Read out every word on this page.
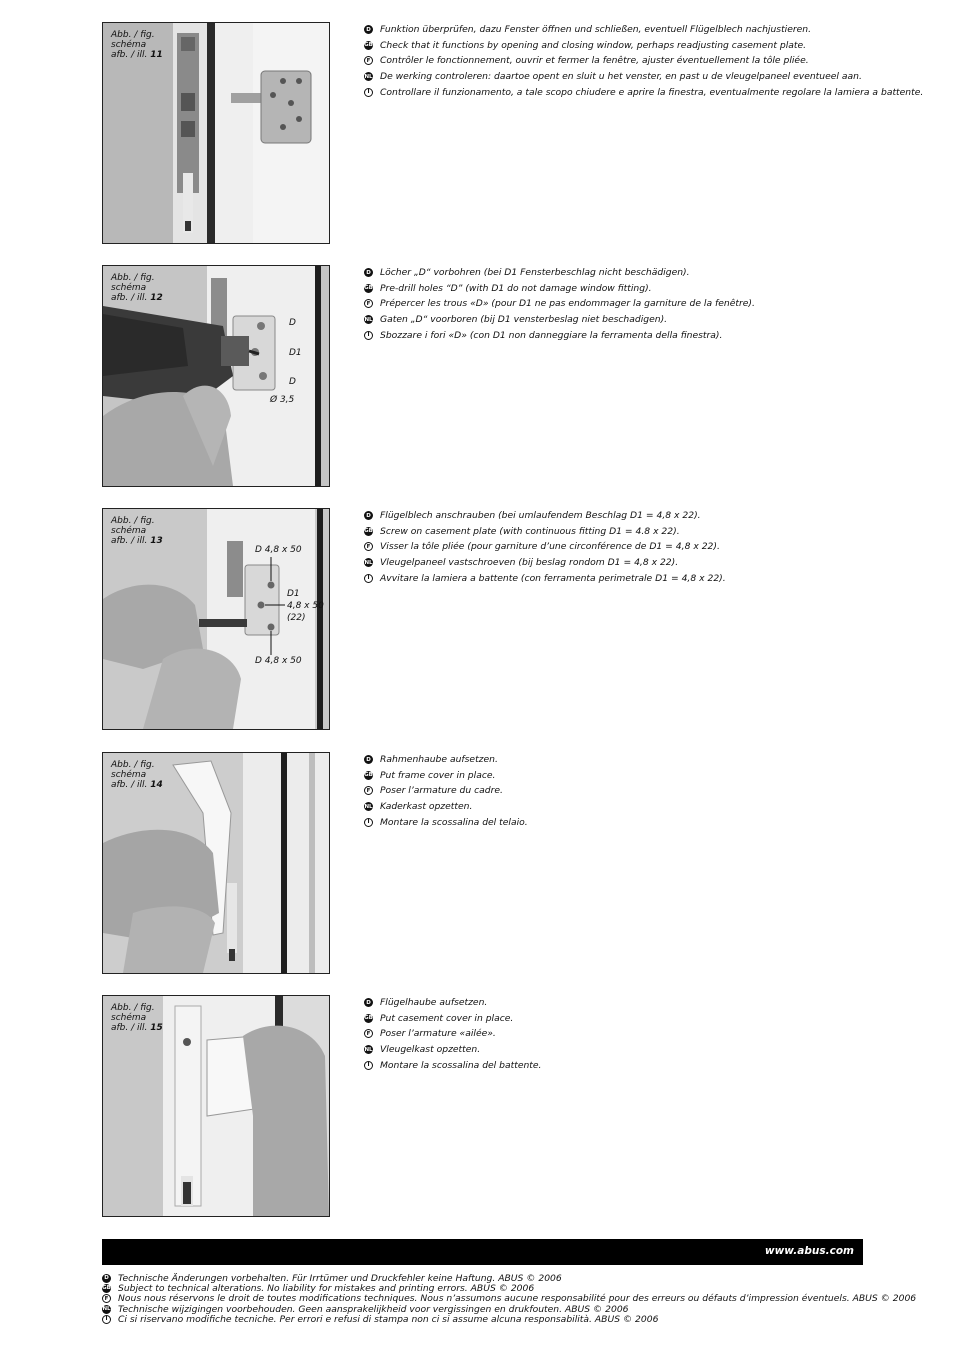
Abb. / fig.
schéma
afb. / ill. 11
D Funktion überprüfen, dazu Fenster öffnen und schließen, eventuell Flügelblech nachjustieren.
GB Check that it functions by opening and closing window, perhaps readjusting casement plate.
F Contrôler le fonctionnement, ouvrir et fermer la fenêtre, ajuster éventuellement la tôle pliée.
NL De werking controleren: daartoe opent en sluit u het venster, en past u de vleugelpaneel eventueel aan.
I	Controllare il funzionamento, a tale scopo chiudere e aprire la finestra, eventualmente regolare la lamiera a battente.
Abb. / fig.
schéma
afb. / ill. 12
D
D1
D
Ø 3,5
D Löcher „D“ vorbohren (bei D1 Fensterbeschlag nicht beschädigen).
GB Pre-drill holes “D” (with D1 do not damage window fitting).
F Prépercer les trous «D» (pour D1 ne pas endommager la garniture de la fenêtre).
NL Gaten „D“ voorboren (bij D1 vensterbeslag niet beschadigen).
I	Sbozzare i fori «D» (con D1 non danneggiare la ferramenta della finestra).
Abb. / fig.
schéma
afb. / ill. 13
D 4,8 x 50
D1
4,8 x 50
(22)
D 4,8 x 50
D Flügelblech anschrauben (bei umlaufendem Beschlag D1 = 4,8 x 22).
GB Screw on casement plate (with continuous fitting D1 = 4.8 x 22).
F Visser la tôle pliée (pour garniture d’une circonférence de D1 = 4,8 x 22).
NL Vleugelpaneel vastschroeven (bij beslag rondom D1 = 4,8 x 22).
I	Avvitare la lamiera a battente (con ferramenta perimetrale D1 = 4,8 x 22).
Abb. / fig.
schéma
afb. / ill. 14
D Rahmenhaube aufsetzen.
GB Put frame cover in place.
F Poser l’armature du cadre.
NL Kaderkast opzetten.
I	Montare la scossalina del telaio.
Abb. / fig.
schéma
afb. / ill. 15
D Flügelhaube aufsetzen.
GB Put casement cover in place.
F Poser l’armature «ailée».
NL Vleugelkast opzetten.
I	Montare la scossalina del battente.
www.abus.com
D Technische Änderungen vorbehalten. Für Irrtümer und Druckfehler keine Haftung. ABUS © 2006
GB Subject to technical alterations. No liability for mistakes and printing errors. ABUS © 2006
F Nous nous réservons le droit de toutes modifications techniques. Nous n’assumons aucune responsabilité pour des erreurs ou défauts d’impression éventuels. ABUS © 2006
NL Technische wijzigingen voorbehouden. Geen aansprakelijkheid voor vergissingen en drukfouten. ABUS © 2006
I	Ci si riservano modifiche tecniche. Per errori e refusi di stampa non ci si assume alcuna responsabilità. ABUS © 2006
